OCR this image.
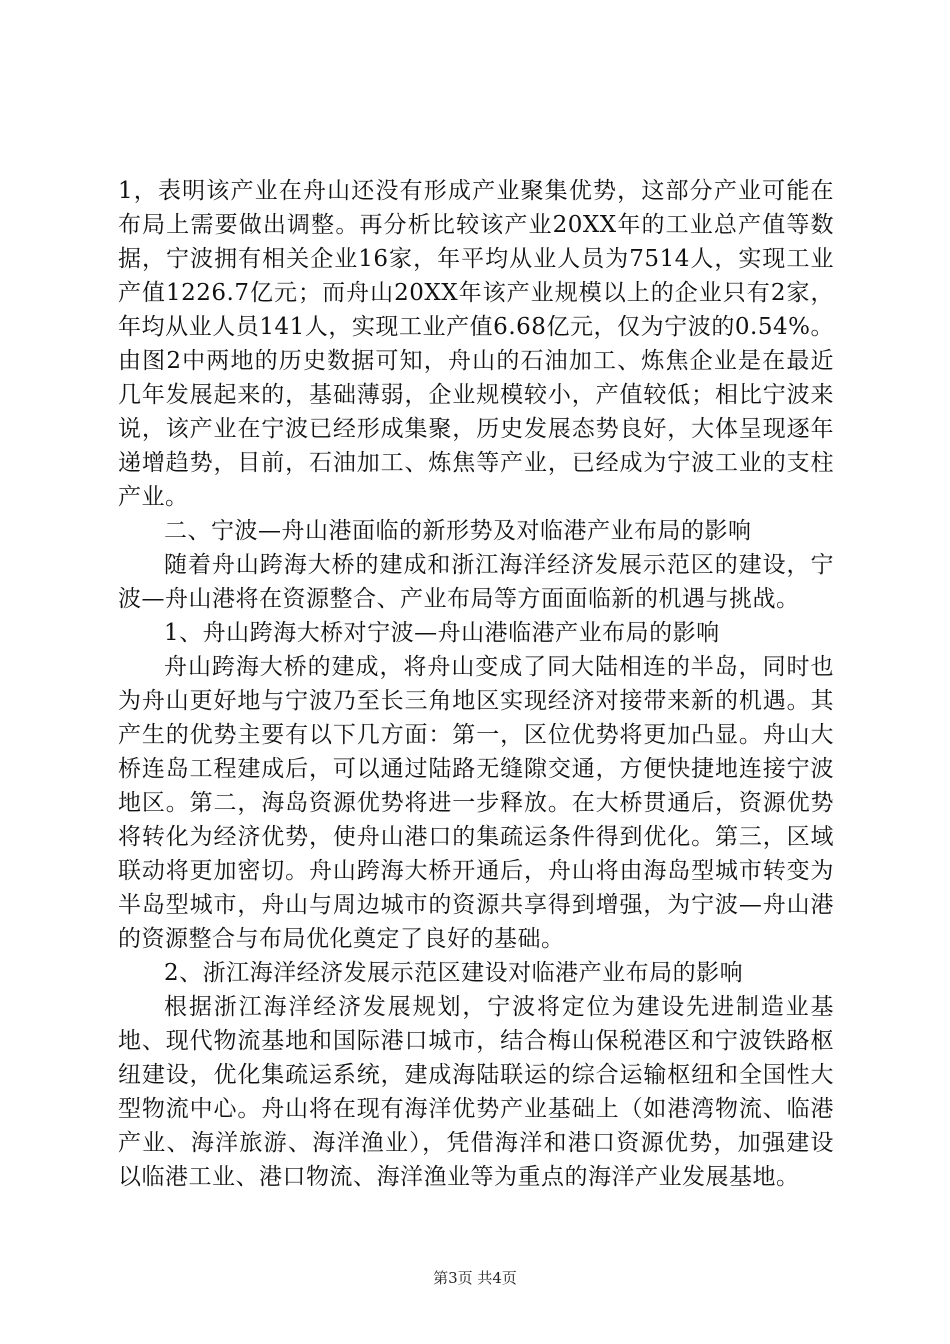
1，表明该产业在舟山还没有形成产业聚集优势，这部分产业可能在布局上需要做出调整。再分析比较该产业20XX年的工业总产值等数据，宁波拥有相关企业16家，年平均从业人员为7514人，实现工业产值1226.7亿元；而舟山20XX年该产业规模以上的企业只有2家，年均从业人员141人，实现工业产值6.68亿元，仅为宁波的0.54%。由图2中两地的历史数据可知，舟山的石油加工、炼焦企业是在最近几年发展起来的，基础薄弱，企业规模较小，产值较低；相比宁波来说，该产业在宁波已经形成集聚，历史发展态势良好，大体呈现逐年递增趋势，目前，石油加工、炼焦等产业，已经成为宁波工业的支柱产业。

二、宁波—舟山港面临的新形势及对临港产业布局的影响

随着舟山跨海大桥的建成和浙江海洋经济发展示范区的建设，宁波—舟山港将在资源整合、产业布局等方面面临新的机遇与挑战。

1、舟山跨海大桥对宁波—舟山港临港产业布局的影响

舟山跨海大桥的建成，将舟山变成了同大陆相连的半岛，同时也为舟山更好地与宁波乃至长三角地区实现经济对接带来新的机遇。其产生的优势主要有以下几方面：第一，区位优势将更加凸显。舟山大桥连岛工程建成后，可以通过陆路无缝隙交通，方便快捷地连接宁波地区。第二，海岛资源优势将进一步释放。在大桥贯通后，资源优势将转化为经济优势，使舟山港口的集疏运条件得到优化。第三，区域联动将更加密切。舟山跨海大桥开通后，舟山将由海岛型城市转变为半岛型城市，舟山与周边城市的资源共享得到增强，为宁波—舟山港的资源整合与布局优化奠定了良好的基础。

2、浙江海洋经济发展示范区建设对临港产业布局的影响

根据浙江海洋经济发展规划，宁波将定位为建设先进制造业基地、现代物流基地和国际港口城市，结合梅山保税港区和宁波铁路枢纽建设，优化集疏运系统，建成海陆联运的综合运输枢纽和全国性大型物流中心。舟山将在现有海洋优势产业基础上（如港湾物流、临港产业、海洋旅游、海洋渔业），凭借海洋和港口资源优势，加强建设以临港工业、港口物流、海洋渔业等为重点的海洋产业发展基地。

第3页 共4页
